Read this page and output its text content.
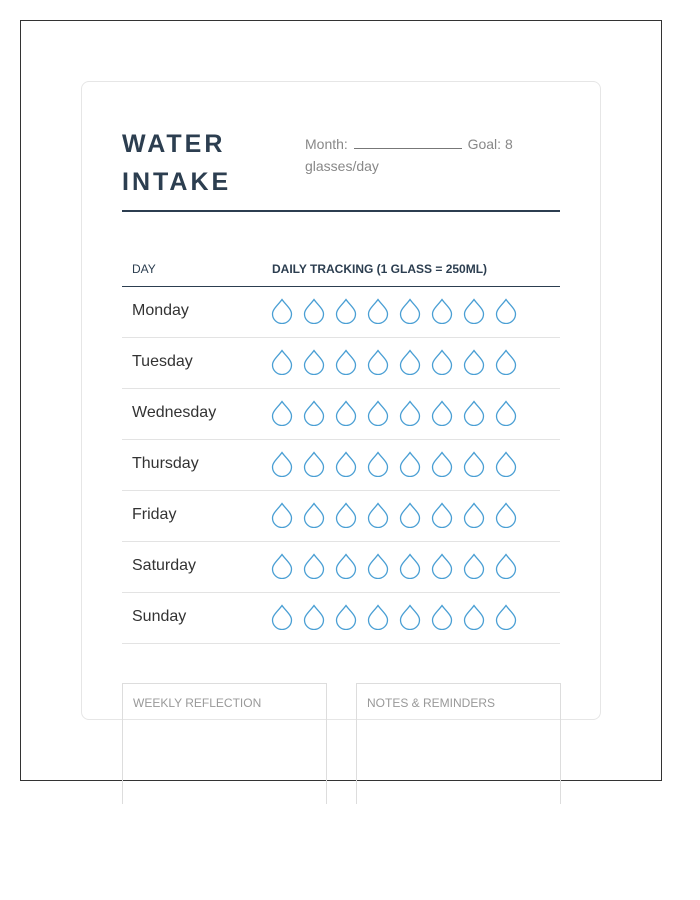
WATER
INTAKE
Month:	Goal: 8 glasses/day
DAY	DAILY TRACKING (1 GLASS = 250ML)
Monday
Tuesday
Wednesday
Thursday
Friday
Saturday
Sunday
WEEKLY REFLECTION	NOTES & REMINDERS
